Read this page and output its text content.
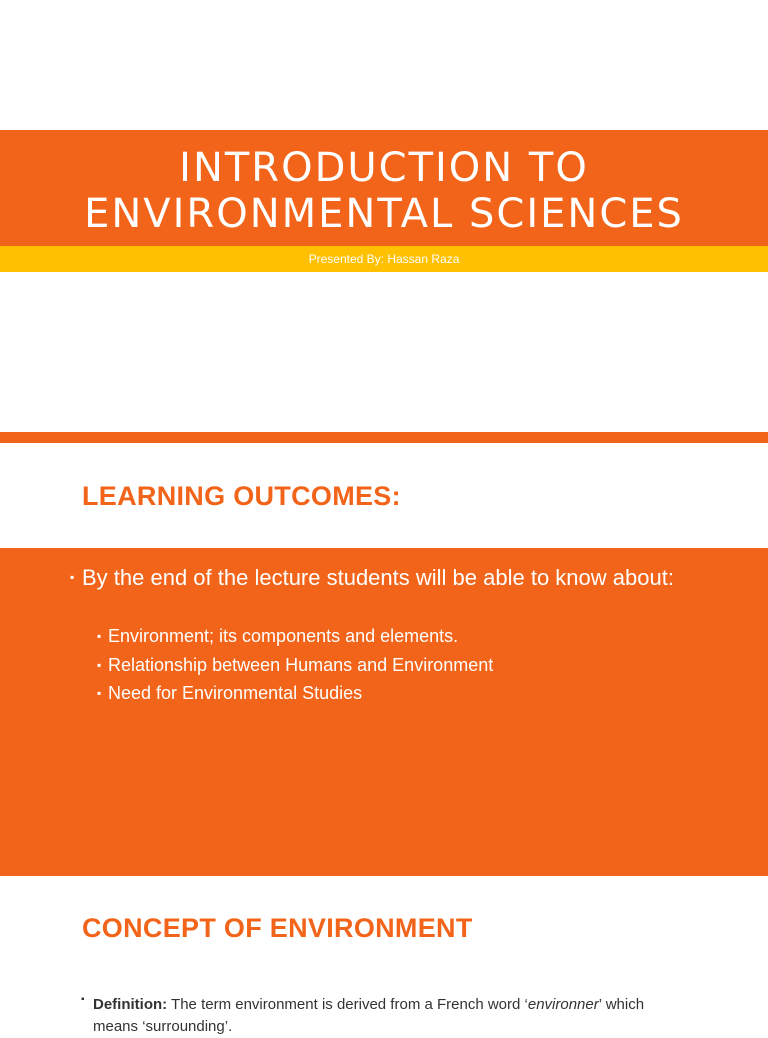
INTRODUCTION TO
ENVIRONMENTAL SCIENCES
Presented By: Hassan Raza
LEARNING OUTCOMES:
▪ By the end of the lecture students will be able to know about:
▪ Environment; its components and elements.
▪ Relationship between Humans and Environment
▪ Need for Environmental Studies
CONCEPT OF ENVIRONMENT
▪ Definition: The term environment is derived from a French word ‘environner’ which means ‘surrounding’.
